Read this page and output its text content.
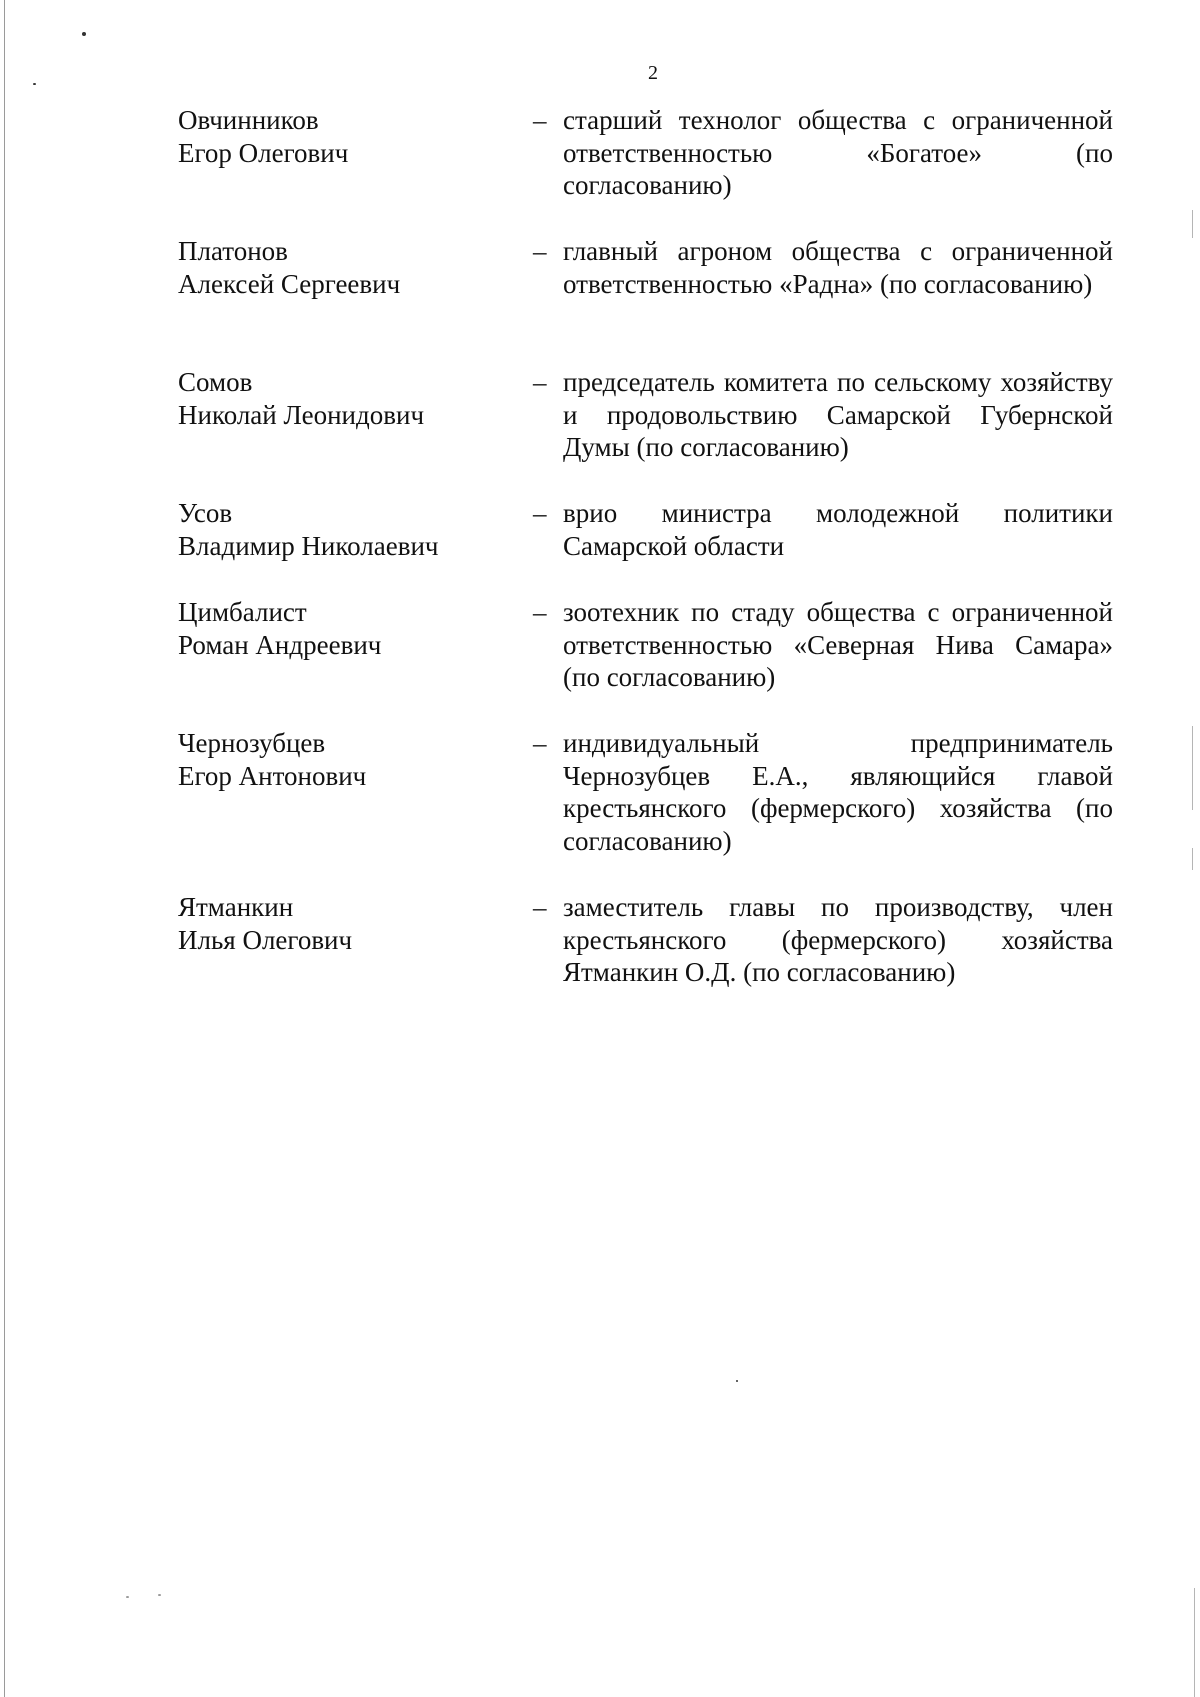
2
Овчинников
Егор Олегович
– старший технолог общества с ограниченной ответственностью «Богатое» (по согласованию)
Платонов
Алексей Сергеевич
– главный агроном общества с ограниченной ответственностью «Радна» (по согласованию)
Сомов
Николай Леонидович
– председатель комитета по сельскому хозяйству и продовольствию Самарской Губернской Думы (по согласованию)
Усов
Владимир Николаевич
– врио министра молодежной политики Самарской области
Цимбалист
Роман Андреевич
– зоотехник по стаду общества с ограниченной ответственностью «Северная Нива Самара» (по согласованию)
Чернозубцев
Егор Антонович
– индивидуальный предприниматель Чернозубцев Е.А., являющийся главой крестьянского (фермерского) хозяйства (по согласованию)
Ятманкин
Илья Олегович
– заместитель главы по производству, член крестьянского (фермерского) хозяйства Ятманкин О.Д. (по согласованию)
